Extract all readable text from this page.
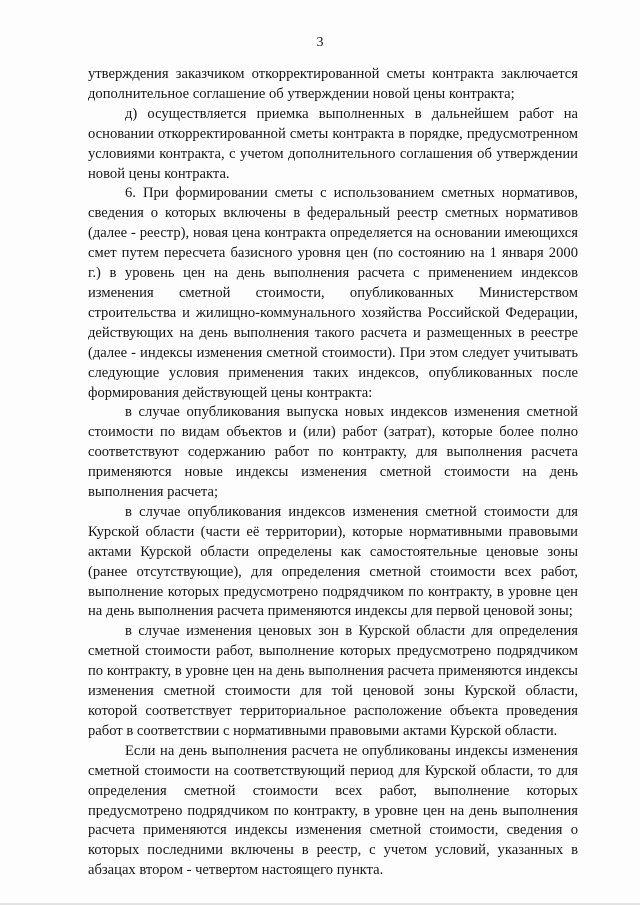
3

утверждения заказчиком откорректированной сметы контракта заключается дополнительное соглашение об утверждении новой цены контракта;

д) осуществляется приемка выполненных в дальнейшем работ на основании откорректированной сметы контракта в порядке, предусмотренном условиями контракта, с учетом дополнительного соглашения об утверждении новой цены контракта.

6. При формировании сметы с использованием сметных нормативов, сведения о которых включены в федеральный реестр сметных нормативов (далее - реестр), новая цена контракта определяется на основании имеющихся смет путем пересчета базисного уровня цен (по состоянию на 1 января 2000 г.) в уровень цен на день выполнения расчета с применением индексов изменения сметной стоимости, опубликованных Министерством строительства и жилищно-коммунального хозяйства Российской Федерации, действующих на день выполнения такого расчета и размещенных в реестре (далее - индексы изменения сметной стоимости). При этом следует учитывать следующие условия применения таких индексов, опубликованных после формирования действующей цены контракта:

в случае опубликования выпуска новых индексов изменения сметной стоимости по видам объектов и (или) работ (затрат), которые более полно соответствуют содержанию работ по контракту, для выполнения расчета применяются новые индексы изменения сметной стоимости на день выполнения расчета;

в случае опубликования индексов изменения сметной стоимости для Курской области (части её территории), которые нормативными правовыми актами Курской области определены как самостоятельные ценовые зоны (ранее отсутствующие), для определения сметной стоимости всех работ, выполнение которых предусмотрено подрядчиком по контракту, в уровне цен на день выполнения расчета применяются индексы для первой ценовой зоны;

в случае изменения ценовых зон в Курской области для определения сметной стоимости работ, выполнение которых предусмотрено подрядчиком по контракту, в уровне цен на день выполнения расчета применяются индексы изменения сметной стоимости для той ценовой зоны Курской области, которой соответствует территориальное расположение объекта проведения работ в соответствии с нормативными правовыми актами Курской области.

Если на день выполнения расчета не опубликованы индексы изменения сметной стоимости на соответствующий период для Курской области, то для определения сметной стоимости всех работ, выполнение которых предусмотрено подрядчиком по контракту, в уровне цен на день выполнения расчета применяются индексы изменения сметной стоимости, сведения о которых последними включены в реестр, с учетом условий, указанных в абзацах втором - четвертом настоящего пункта.
